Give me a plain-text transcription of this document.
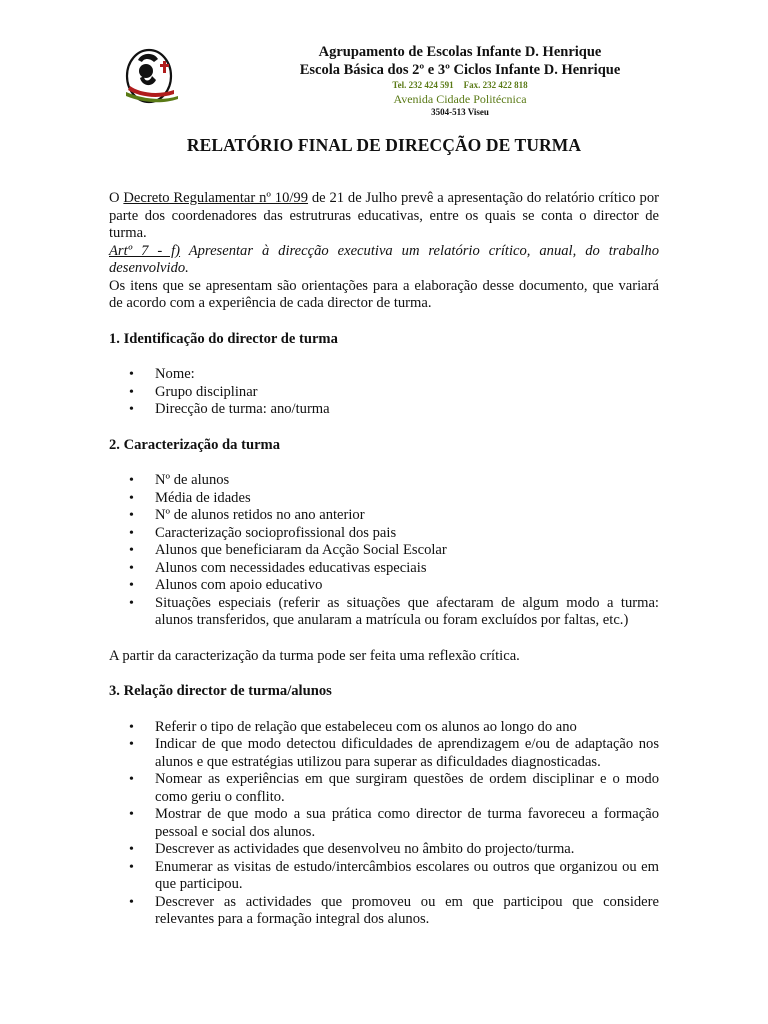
Agrupamento de Escolas Infante D. Henrique
Escola Básica dos 2º e 3º Ciclos Infante D. Henrique
Tel. 232 424 591 Fax. 232 422 818
Avenida Cidade Politécnica
3504-513 Viseu
RELATÓRIO FINAL DE DIRECÇÃO DE TURMA

O Decreto Regulamentar nº 10/99 de 21 de Julho prevê a apresentação do relatório crítico por parte dos coordenadores das estrutruras educativas, entre os quais se conta o director de turma.

Artº 7 - f) Apresentar à direcção executiva um relatório crítico, anual, do trabalho desenvolvido.

Os itens que se apresentam são orientações para a elaboração desse documento, que variará de acordo com a experiência de cada director de turma.

1. Identificação do director de turma
• Nome:
• Grupo disciplinar
• Direcção de turma: ano/turma
2. Caracterização da turma
• Nº de alunos
• Média de idades
• Nº de alunos retidos no ano anterior
• Caracterização socioprofissional dos pais
• Alunos que beneficiaram da Acção Social Escolar
• Alunos com necessidades educativas especiais
• Alunos com apoio educativo
• Situações especiais (referir as situações que afectaram de algum modo a turma: alunos transferidos, que anularam a matrícula ou foram excluídos por faltas, etc.)

A partir da caracterização da turma pode ser feita uma reflexão crítica.

3. Relação director de turma/alunos
• Referir o tipo de relação que estabeleceu com os alunos ao longo do ano
• Indicar de que modo detectou dificuldades de aprendizagem e/ou de adaptação nos alunos e que estratégias utilizou para superar as dificuldades diagnosticadas.
• Nomear as experiências em que surgiram questões de ordem disciplinar e o modo como geriu o conflito.
• Mostrar de que modo a sua prática como director de turma favoreceu a formação pessoal e social dos alunos.
• Descrever as actividades que desenvolveu no âmbito do projecto/turma.
• Enumerar as visitas de estudo/intercâmbios escolares ou outros que organizou ou em que participou.
• Descrever as actividades que promoveu ou em que participou que considere relevantes para a formação integral dos alunos.
